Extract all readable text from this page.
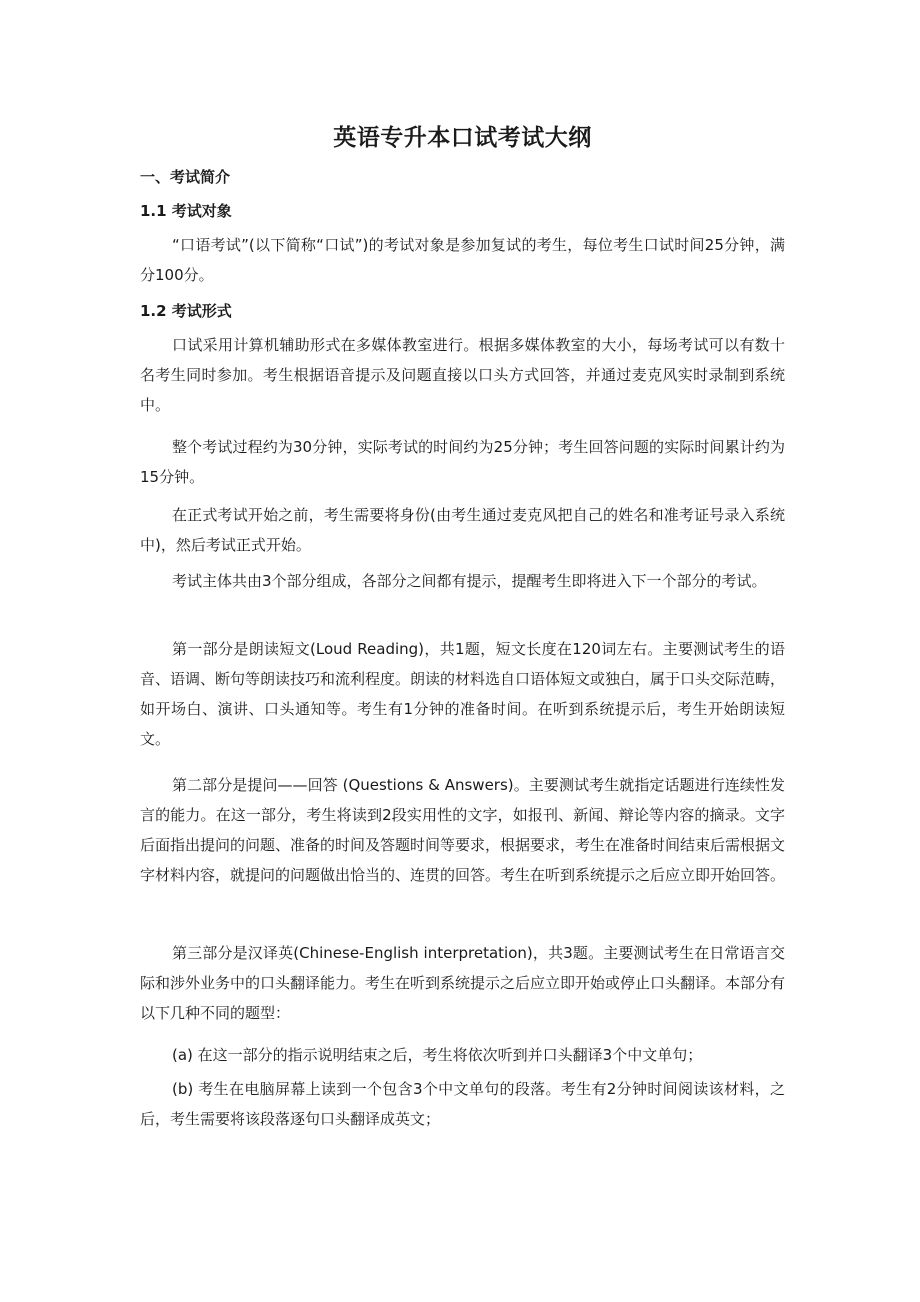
英语专升本口试考试大纲
一、考试简介
1.1 考试对象
“口语考试”(以下简称“口试”)的考试对象是参加复试的考生，每位考生口试时间25分钟，满分100分。
1.2 考试形式
口试采用计算机辅助形式在多媒体教室进行。根据多媒体教室的大小，每场考试可以有数十名考生同时参加。考生根据语音提示及问题直接以口头方式回答，并通过麦克风实时录制到系统中。
整个考试过程约为30分钟，实际考试的时间约为25分钟；考生回答问题的实际时间累计约为15分钟。
在正式考试开始之前，考生需要将身份(由考生通过麦克风把自己的姓名和准考证号录入系统中)，然后考试正式开始。
考试主体共由3个部分组成，各部分之间都有提示，提醒考生即将进入下一个部分的考试。
第一部分是朗读短文(Loud Reading)，共1题，短文长度在120词左右。主要测试考生的语音、语调、断句等朗读技巧和流利程度。朗读的材料选自口语体短文或独白，属于口头交际范畴，如开场白、演讲、口头通知等。考生有1分钟的准备时间。在听到系统提示后，考生开始朗读短文。
第二部分是提问——回答 (Questions & Answers)。主要测试考生就指定话题进行连续性发言的能力。在这一部分，考生将读到2段实用性的文字，如报刊、新闻、辩论等内容的摘录。文字后面指出提问的问题、准备的时间及答题时间等要求，根据要求，考生在准备时间结束后需根据文字材料内容，就提问的问题做出恰当的、连贯的回答。考生在听到系统提示之后应立即开始回答。
第三部分是汉译英(Chinese-English interpretation)，共3题。主要测试考生在日常语言交际和涉外业务中的口头翻译能力。考生在听到系统提示之后应立即开始或停止口头翻译。本部分有以下几种不同的题型：
(a) 在这一部分的指示说明结束之后，考生将依次听到并口头翻译3个中文单句；
(b) 考生在电脑屏幕上读到一个包含3个中文单句的段落。考生有2分钟时间阅读该材料，之后，考生需要将该段落逐句口头翻译成英文；
